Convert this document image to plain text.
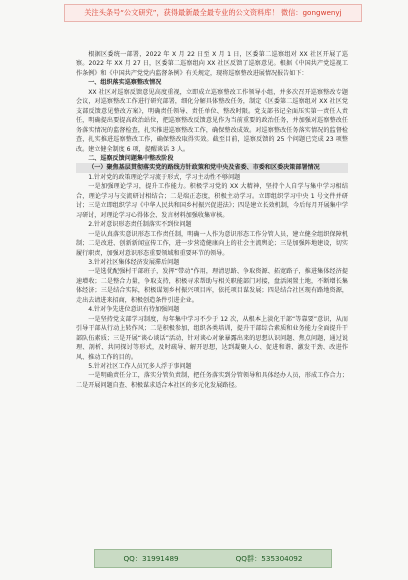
关注头条号“公文研究”，获得最新最全最专业的公文资料库！ 微信：gongwenyj

根据区委统一部署，2022 年 X 月 22 日至 X 月 1 日，区委第二巡察组对 XX 社区开展了巡察。2022 年 XX 月 27 日，区委第二巡察组向 XX 社区反馈了巡察意见。根据《中国共产党巡视工作条例》和《中国共产党党内监督条例》有关规定，现将巡察整改进展情况报告如下：

一、组织落实巡察整改情况

XX 社区对巡察反馈意见高度重视，立即成立巡察整改工作领导小组，并多次召开巡察整改专题会议，对巡察整改工作进行研究部署，细化分解具体整改任务，制定《区委第二巡察组对 XX 社区党支部反馈意见整改方案》，明确责任领导、责任单位、整改时限。党支部书记全面压实第一责任人责任，明确提出要提高政治站位，把巡察整改反馈意见作为当前重要的政治任务，并加强对巡察整改任务落实情况的监督检查，扎实推进巡察整改工作，确保整改成效。对巡察整改任务落实情况的监督检查，扎实推进巡察整改工作，确保整改取得实效。截至目前，巡察反馈的 25 个问题已完成 23 项整改。建立健全制度 6 项，提醒谈话 3 人。

二、巡察反馈问题集中整改阶段

（一）聚焦基层贯彻落实党的路线方针政策和党中央及省委、市委和区委决策部署情况

1.针对党的政策理论学习流于形式，学习主动性不够问题

一是加强理论学习，提升工作能力。积极学习党的 XX 大精神，坚持个人自学与集中学习相结合，理论学习与交流研讨相结合；二是端正态度，积极主动学习。立即组织学习中央 1 号文件并研讨；三是立即组织学习《中华人民共和国乡村振兴促进法》；四是建立长效机制，今后每月开展集中学习研讨，对理论学习心得体会、发言材料加强收集审核。

2.针对意识形态责任制落实不到位问题

一是认真落实意识形态工作责任制，明确一人作为意识形态工作分管人员，建立健全组织保障机制；二是改进、创新新闻宣传工作，进一步营造健康向上的社会主流舆论；三是加强阵地建设，切实履行职责，加强对意识形态重要领域和重要环节的领导。

3.针对社区集体经济发展滞后问题

一是选优配强村干部班子，发挥“带动”作用，理清思路、争取资源、拓宽路子，推进集体经济提速增收；二是整合力量，争取支持，积极寻求帮助与相关职能部门对接，盘活闲置土地，不断增长集体经济；三是结合实际，积极谋划乡村振兴项目库，依托项目谋发展；四是结合社区现有路地资源，走出去请进来招商，积极创造条件引进企业。

4.针对争先进位意识有待加强问题

一是坚持党支部学习制度，每年集中学习不少于 12 次，从根本上淡化干部“等靠要”意识，从而引导干部从行动上转作风；二是积极参加，组织各类培训，提升干部综合素质和业务能力全面提升干部队伍素质；三是开展“谈心谈话”活动，针对谈心对象暴露出来的思想认识问题、焦点问题，通过说理、剖析、共同探讨等形式，及时疏导、解开思想，达到凝聚人心、促进和谐、激发干劲、改进作风、推动工作的目的。

5.针对社区工作人员冗多人浮于事问题

一是明确责任分工，落实分管负责制，把任务落实到分管领导和具体经办人员，形成工作合力；二是开展问题自查、积极谋求适合本社区的多元化发展路径。

QQ：31991489	QQ群：535304092
